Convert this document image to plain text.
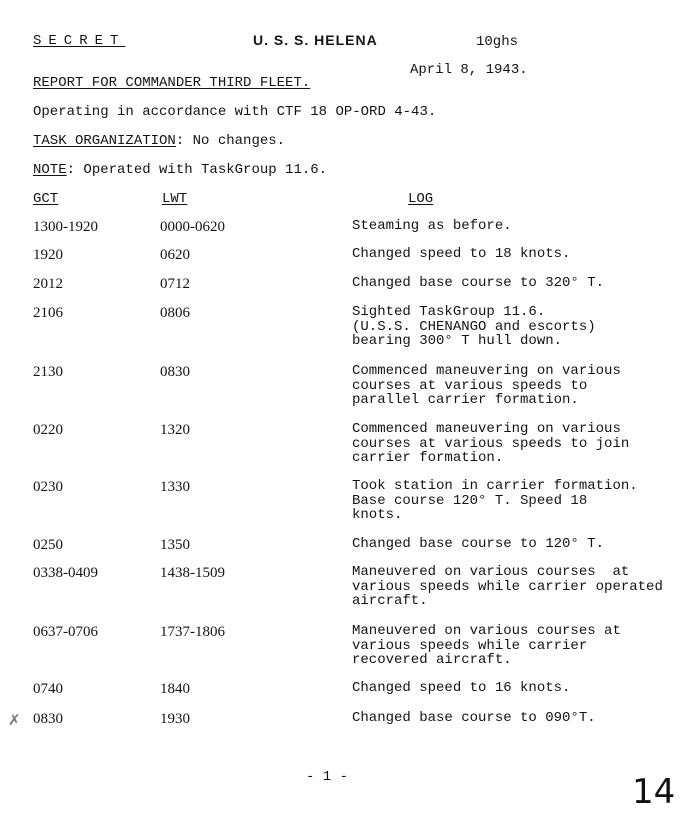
SECRET	U. S. S. HELENA	10ghs
April 8, 1943.
REPORT FOR COMMANDER THIRD FLEET.
Operating in accordance with CTF 18 OP-ORD 4-43.
TASK ORGANIZATION: No changes.
NOTE: Operated with TaskGroup 11.6.
GCT	LWT	LOG
1300-1920	0000-0620	Steaming as before.
1920	0620	Changed speed to 18 knots.
2012	0712	Changed base course to 320° T.
2106	0806	Sighted TaskGroup 11.6.
(U.S.S. CHENANGO and escorts)
bearing 300° T hull down.
2130	0830	Commenced maneuvering on various
courses at various speeds to
parallel carrier formation.
0220	1320	Commenced maneuvering on various
courses at various speeds to join
carrier formation.
0230	1330	Took station in carrier formation.
Base course 120° T. Speed 18
knots.
0250	1350	Changed base course to 120° T.
0338-0409	1438-1509	Maneuvered on various courses  at
various speeds while carrier operated
aircraft.
0637-0706	1737-1806	Maneuvered on various courses at
various speeds while carrier
recovered aircraft.
0740	1840	Changed speed to 16 knots.
0830	1930	Changed base course to 090°T.
- 1 -	14
✗
